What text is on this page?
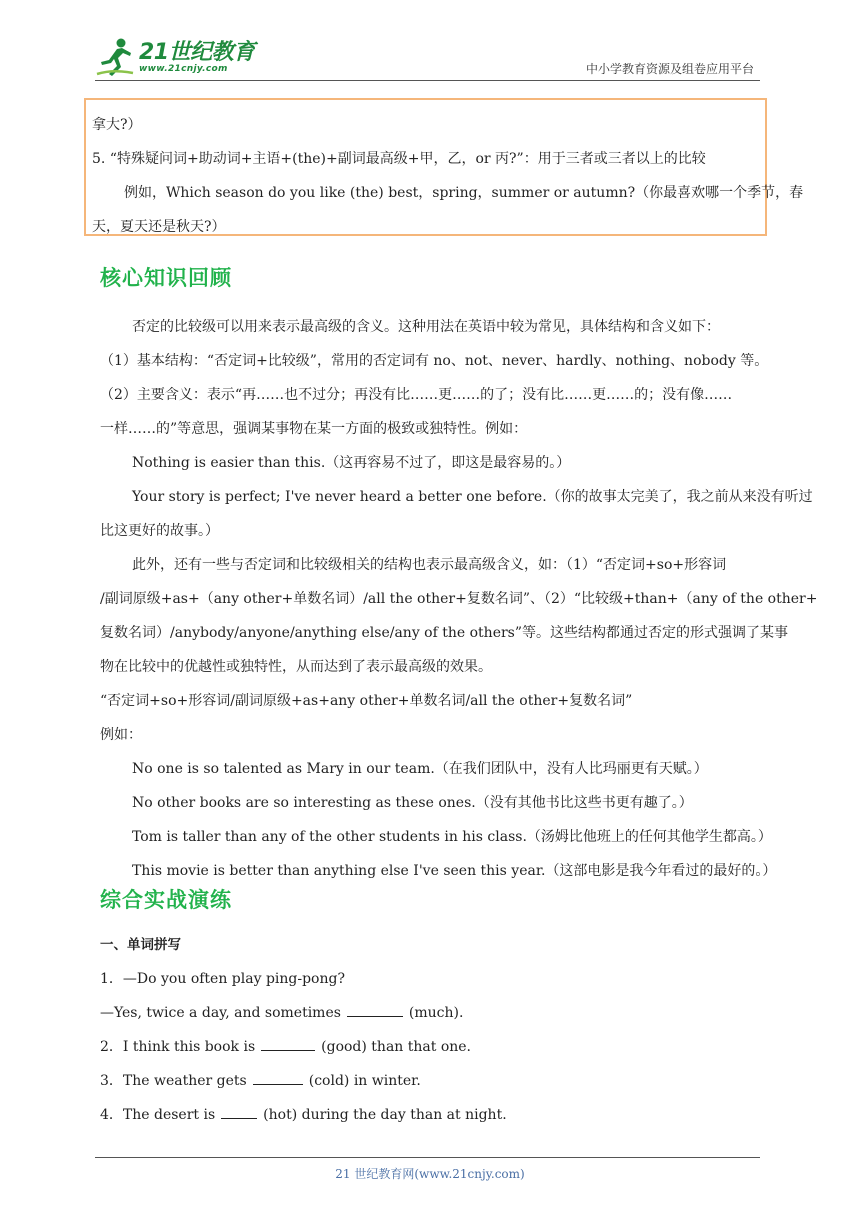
21世纪教育
www.21cnjy.com	中小学教育资源及组卷应用平台

拿大?）

5. “特殊疑问词+助动词+主语+(the)+副词最高级+甲，乙，or 丙?”：用于三者或三者以上的比较

例如，Which season do you like (the) best，spring，summer or autumn?（你最喜欢哪一个季节，春

天，夏天还是秋天?）

核心知识回顾

否定的比较级可以用来表示最高级的含义。这种用法在英语中较为常见，具体结构和含义如下：

（1）基本结构：“否定词+比较级”，常用的否定词有 no、not、never、hardly、nothing、nobody 等。

（2）主要含义：表示“再……也不过分；再没有比……更……的了；没有比……更……的；没有像……

一样……的”等意思，强调某事物在某一方面的极致或独特性。例如：

Nothing is easier than this.（这再容易不过了，即这是最容易的。）

Your story is perfect; I've never heard a better one before.（你的故事太完美了，我之前从来没有听过

比这更好的故事。）

此外，还有一些与否定词和比较级相关的结构也表示最高级含义，如：（1）“否定词+so+形容词

/副词原级+as+（any other+单数名词）/all the other+复数名词”、（2）“比较级+than+（any of the other+

复数名词）/anybody/anyone/anything else/any of the others”等。这些结构都通过否定的形式强调了某事

物在比较中的优越性或独特性，从而达到了表示最高级的效果。

“否定词+so+形容词/副词原级+as+any other+单数名词/all the other+复数名词”

例如：

No one is so talented as Mary in our team.（在我们团队中，没有人比玛丽更有天赋。）

No other books are so interesting as these ones.（没有其他书比这些书更有趣了。）

Tom is taller than any of the other students in his class.（汤姆比他班上的任何其他学生都高。）

This movie is better than anything else I've seen this year.（这部电影是我今年看过的最好的。）

综合实战演练

一、单词拼写

1．—Do you often play ping-pong?

—Yes, twice a day, and sometimes	(much).

2．I think this book is	(good) than that one.

3．The weather gets	(cold) in winter.

4．The desert is	(hot) during the day than at night.

21 世纪教育网(www.21cnjy.com)
